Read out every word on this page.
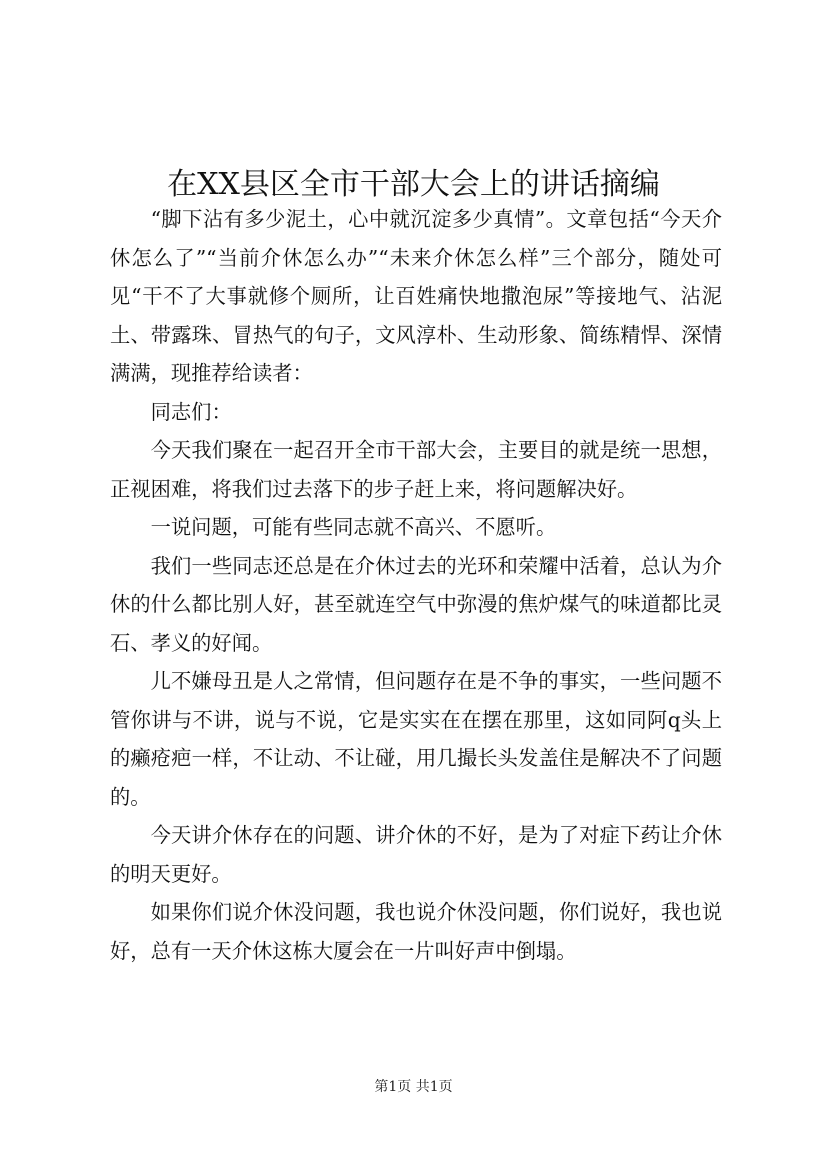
在XX县区全市干部大会上的讲话摘编

“脚下沾有多少泥土，心中就沉淀多少真情”。文章包括“今天介休怎么了”“当前介休怎么办”“未来介休怎么样”三个部分，随处可见“干不了大事就修个厕所，让百姓痛快地撒泡尿”等接地气、沾泥土、带露珠、冒热气的句子，文风淳朴、生动形象、简练精悍、深情满满，现推荐给读者：

同志们：

今天我们聚在一起召开全市干部大会，主要目的就是统一思想，正视困难，将我们过去落下的步子赶上来，将问题解决好。

一说问题，可能有些同志就不高兴、不愿听。

我们一些同志还总是在介休过去的光环和荣耀中活着，总认为介休的什么都比别人好，甚至就连空气中弥漫的焦炉煤气的味道都比灵石、孝义的好闻。

儿不嫌母丑是人之常情，但问题存在是不争的事实，一些问题不管你讲与不讲，说与不说，它是实实在在摆在那里，这如同阿q头上的癞疮疤一样，不让动、不让碰，用几撮长头发盖住是解决不了问题的。

今天讲介休存在的问题、讲介休的不好，是为了对症下药让介休的明天更好。

如果你们说介休没问题，我也说介休没问题，你们说好，我也说好，总有一天介休这栋大厦会在一片叫好声中倒塌。

第1页 共1页
